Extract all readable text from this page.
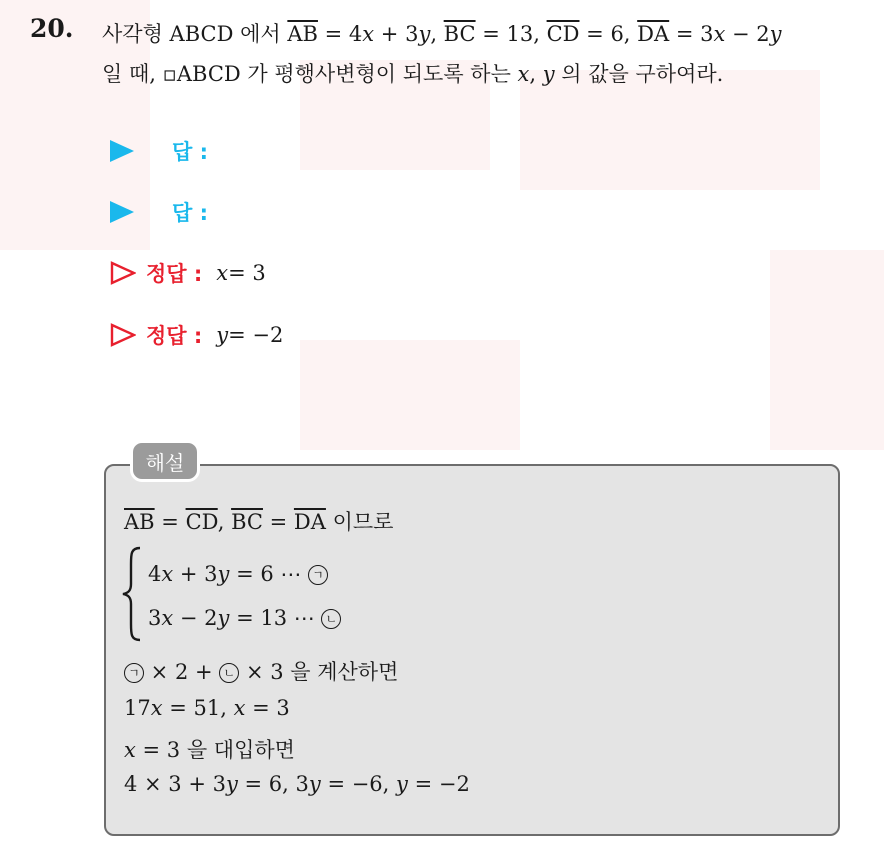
20. 사각형 ABCD 에서 $\overline{AB} = 4x + 3y$, $\overline{BC} = 13$, $\overline{CD} = 6$, $\overline{DA} = 3x - 2y$
일 때, ▫ABCD 가 평행사변형이 되도록 하는 x, y 의 값을 구하여라.
답 :
답 :
정답 : x = 3
정답 : y = −2
해설
$\overline{AB} = \overline{CD}$, $\overline{BC} = \overline{DA}$ 이므로
4x + 3y = 6 ⋯ ㄱ
3x − 2y = 13 ⋯ ㄴ
ㄱ × 2 + ㄴ × 3 을 계산하면
17x = 51, x = 3
x = 3 을 대입하면
4 × 3 + 3y = 6, 3y = −6, y = −2
